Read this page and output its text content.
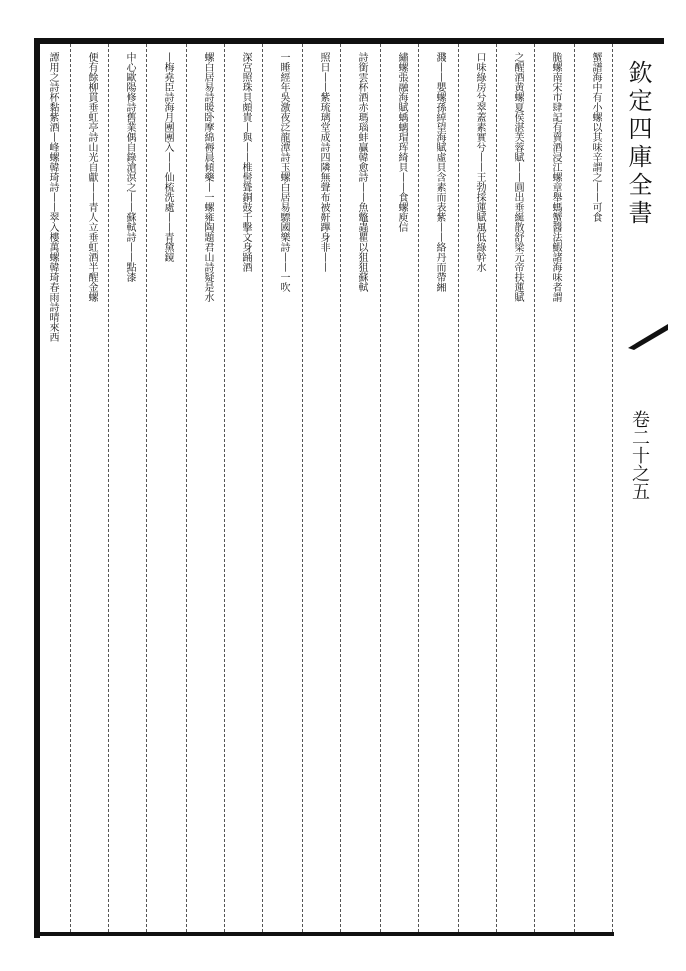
欽定四庫全書
卷二十之五
蟹譜海中有小螺以其味辛謂之丨丨可食
脆螺南宋市肆記有賣酒浸江螺章舉螞蟹醬法鰕諸海味者謂
之醒酒黄螺夏侯湛芙蓉賦丨丨圓出垂綖散舒梁元帝扶蓮賦
口味綠房兮翠蓋素實兮丨丨王勃採蓮賦風低綠幹水
濺丨丨嬰螺孫綽望海賦虛貝含素而表紫丨丨絡丹而帶緗
繡螺張融海賦蝺螭瑁珲綺貝丨丨食螺庾信
詩銜雲杯酒赤瑪瑙蚌贏韓愈詩丨丨魚鼈蟲瞿以狙狙蘇軾
照日丨丨紫琉璃堂成詩四隣無聲布被鼾蹕身非丨丨
一睡經年吳激夜泛龍潭詩玉螺白居易驃國樂詩丨丨一吹
深宫照珠貝頗貴丨與丨丨椎髻聳銅鼓千擊文身踊酒
螺白居易詩暖卧摩綿褥晨傾藥丨一螺雍陶題君山詩疑是水
丨梅堯臣詩海月團團入丨丨仙梳洗處丨丨青黛鏡
中心歐陽修詩舊業偶自錄滄溟之丨丨蘇軾詩丨丨點漆
便有餘柳貫垂虹亭詩山光自獻丨丨青人立垂虹酒半醒金螺
譚用之詩杯黏紫酒丨峰螺韓琦詩丨丨翠入樓萬螺韓琦春雨詩晴來西
